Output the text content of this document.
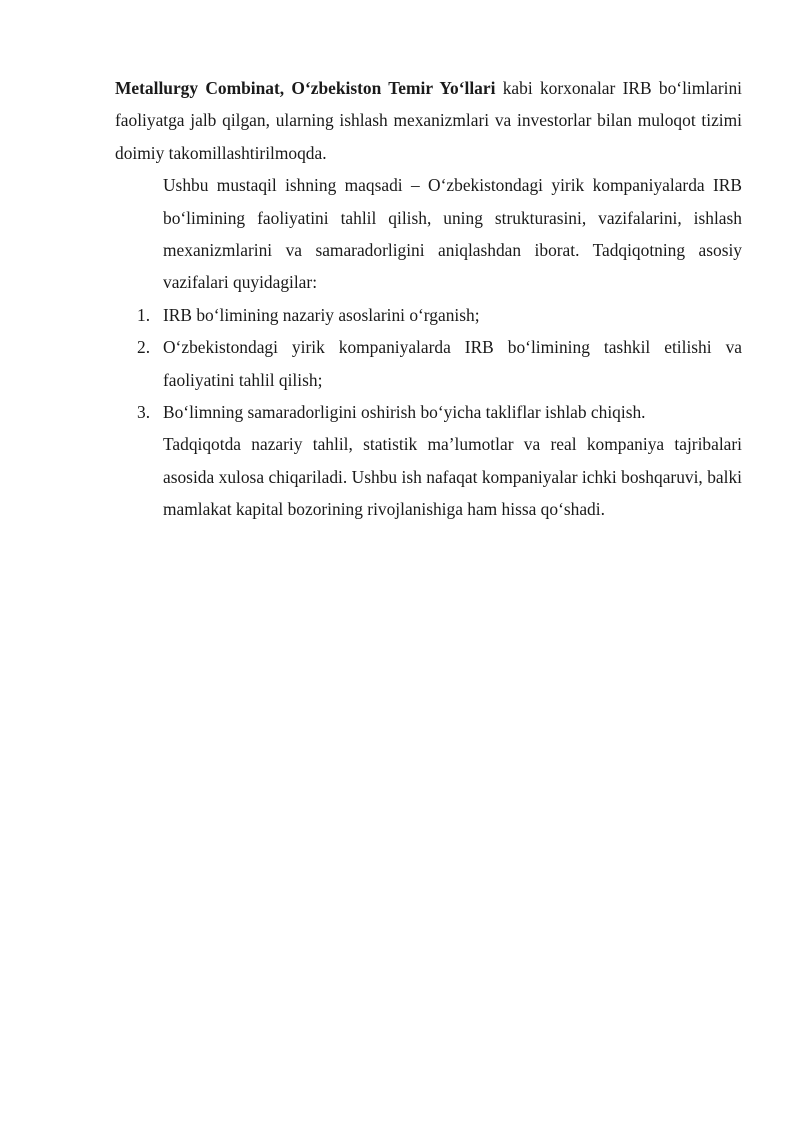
Metallurgy Combinat, O‘zbekiston Temir Yo‘llari kabi korxonalar IRB bo‘limlarini faoliyatga jalb qilgan, ularning ishlash mexanizmlari va investorlar bilan muloqot tizimi doimiy takomillashtirilmoqda.

Ushbu mustaqil ishning maqsadi – O‘zbekistondagi yirik kompaniyalarda IRB bo‘limining faoliyatini tahlil qilish, uning strukturasini, vazifalarini, ishlash mexanizmlarini va samaradorligini aniqlashdan iborat. Tadqiqotning asosiy vazifalari quyidagilar:

1. IRB bo‘limining nazariy asoslarini o‘rganish;
2. O‘zbekistondagi yirik kompaniyalarda IRB bo‘limining tashkil etilishi va faoliyatini tahlil qilish;
3. Bo‘limning samaradorligini oshirish bo‘yicha takliflar ishlab chiqish.

Tadqiqotda nazariy tahlil, statistik ma’lumotlar va real kompaniya tajribalari asosida xulosa chiqariladi. Ushbu ish nafaqat kompaniyalar ichki boshqaruvi, balki mamlakat kapital bozorining rivojlanishiga ham hissa qo‘shadi.
